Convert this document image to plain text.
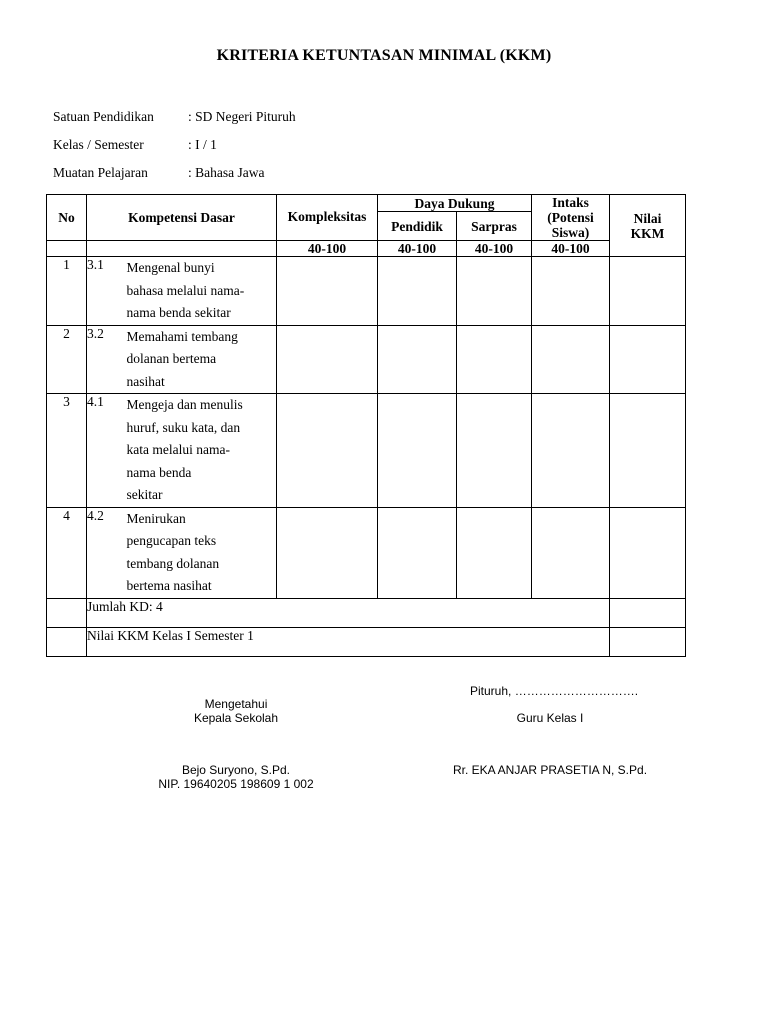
KRITERIA KETUNTASAN MINIMAL (KKM)
Satuan Pendidikan	: SD Negeri Pituruh
Kelas / Semester	: I / 1
Muatan Pelajaran	: Bahasa Jawa
No	Kompetensi Dasar		Kompleksitas	Daya Dukung		Intaks (Potensi Siswa)	Nilai KKM

				Pendidik	Sarpras		
			40-100	40-100	40-100	40-100	
1	3.1	Mengenal bunyi
bahasa melalui nama-
nama benda sekitar					

2	3.2	Memahami tembang
dolanan bertema
nasihat					

3	4.1	Mengeja dan menulis
huruf, suku kata, dan
kata melalui nama-
nama benda
sekitar					

4	4.2	Menirukan
pengucapan teks
tembang dolanan
bertema nasihat					

	Jumlah KD: 4						
	Nilai KKM Kelas I Semester 1						
Pituruh, ………………………….
Mengetahui
Kepala Sekolah	Guru Kelas I
Bejo Suryono, S.Pd.
NIP. 19640205 198609 1 002
Rr. EKA ANJAR PRASETIA N, S.Pd.
